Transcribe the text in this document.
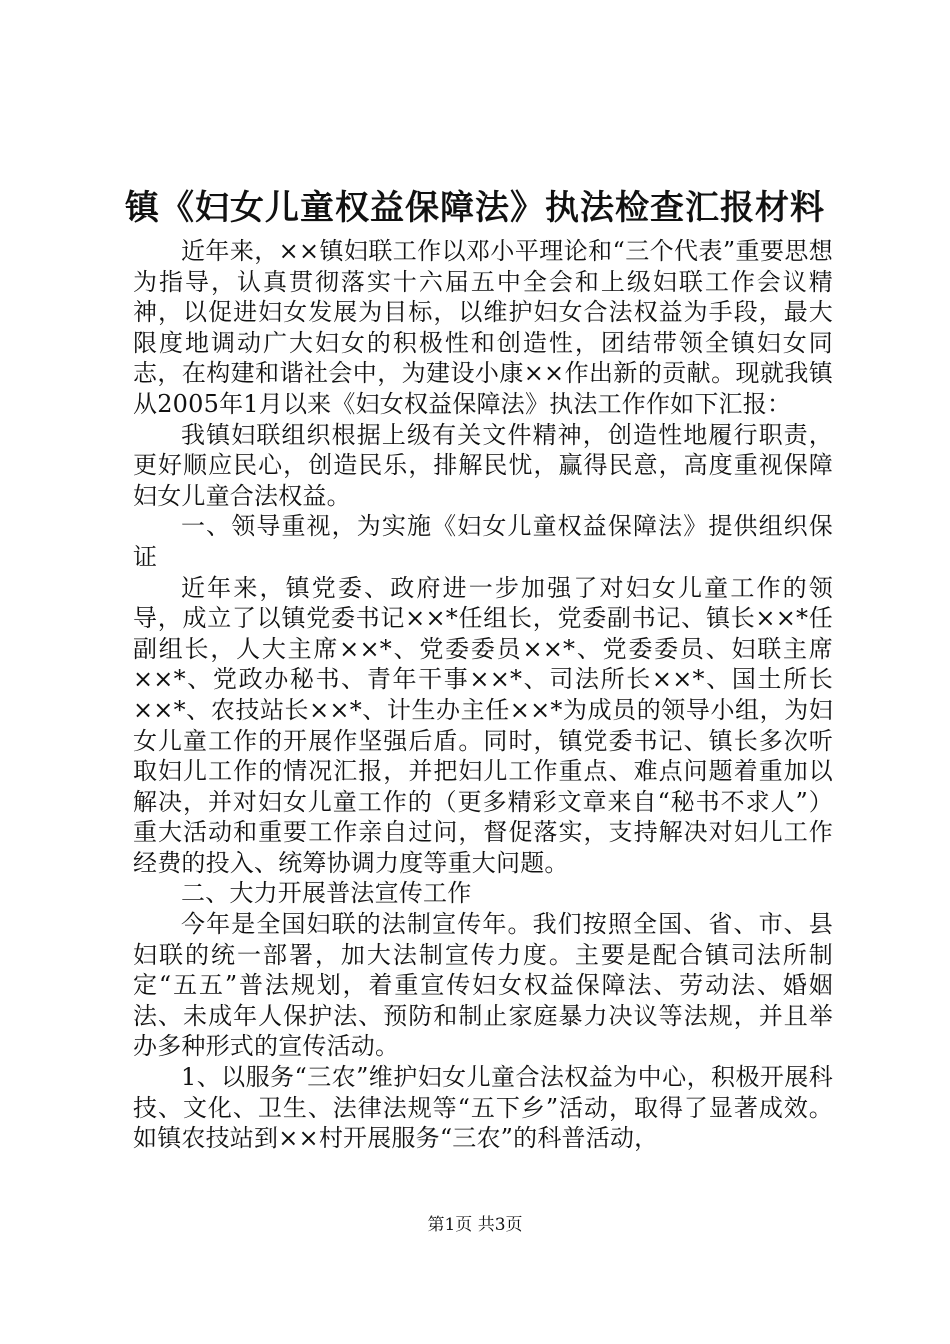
镇《妇女儿童权益保障法》执法检查汇报材料

近年来，××镇妇联工作以邓小平理论和“三个代表”重要思想为指导，认真贯彻落实十六届五中全会和上级妇联工作会议精神，以促进妇女发展为目标，以维护妇女合法权益为手段，最大限度地调动广大妇女的积极性和创造性，团结带领全镇妇女同志，在构建和谐社会中，为建设小康××作出新的贡献。现就我镇从2005年1月以来《妇女权益保障法》执法工作作如下汇报：

我镇妇联组织根据上级有关文件精神，创造性地履行职责，更好顺应民心，创造民乐，排解民忧，赢得民意，高度重视保障妇女儿童合法权益。

一、领导重视，为实施《妇女儿童权益保障法》提供组织保证

近年来，镇党委、政府进一步加强了对妇女儿童工作的领导，成立了以镇党委书记××*任组长，党委副书记、镇长××*任副组长，人大主席××*、党委委员××*、党委委员、妇联主席××*、党政办秘书、青年干事××*、司法所长××*、国土所长××*、农技站长××*、计生办主任××*为成员的领导小组，为妇女儿童工作的开展作坚强后盾。同时，镇党委书记、镇长多次听取妇儿工作的情况汇报，并把妇儿工作重点、难点问题着重加以解决，并对妇女儿童工作的（更多精彩文章来自“秘书不求人”）重大活动和重要工作亲自过问，督促落实，支持解决对妇儿工作经费的投入、统筹协调力度等重大问题。

二、大力开展普法宣传工作

今年是全国妇联的法制宣传年。我们按照全国、省、市、县妇联的统一部署，加大法制宣传力度。主要是配合镇司法所制定“五五”普法规划，着重宣传妇女权益保障法、劳动法、婚姻法、未成年人保护法、预防和制止家庭暴力决议等法规，并且举办多种形式的宣传活动。

1、以服务“三农”维护妇女儿童合法权益为中心，积极开展科技、文化、卫生、法律法规等“五下乡”活动，取得了显著成效。如镇农技站到××村开展服务“三农”的科普活动，

第1页 共3页
